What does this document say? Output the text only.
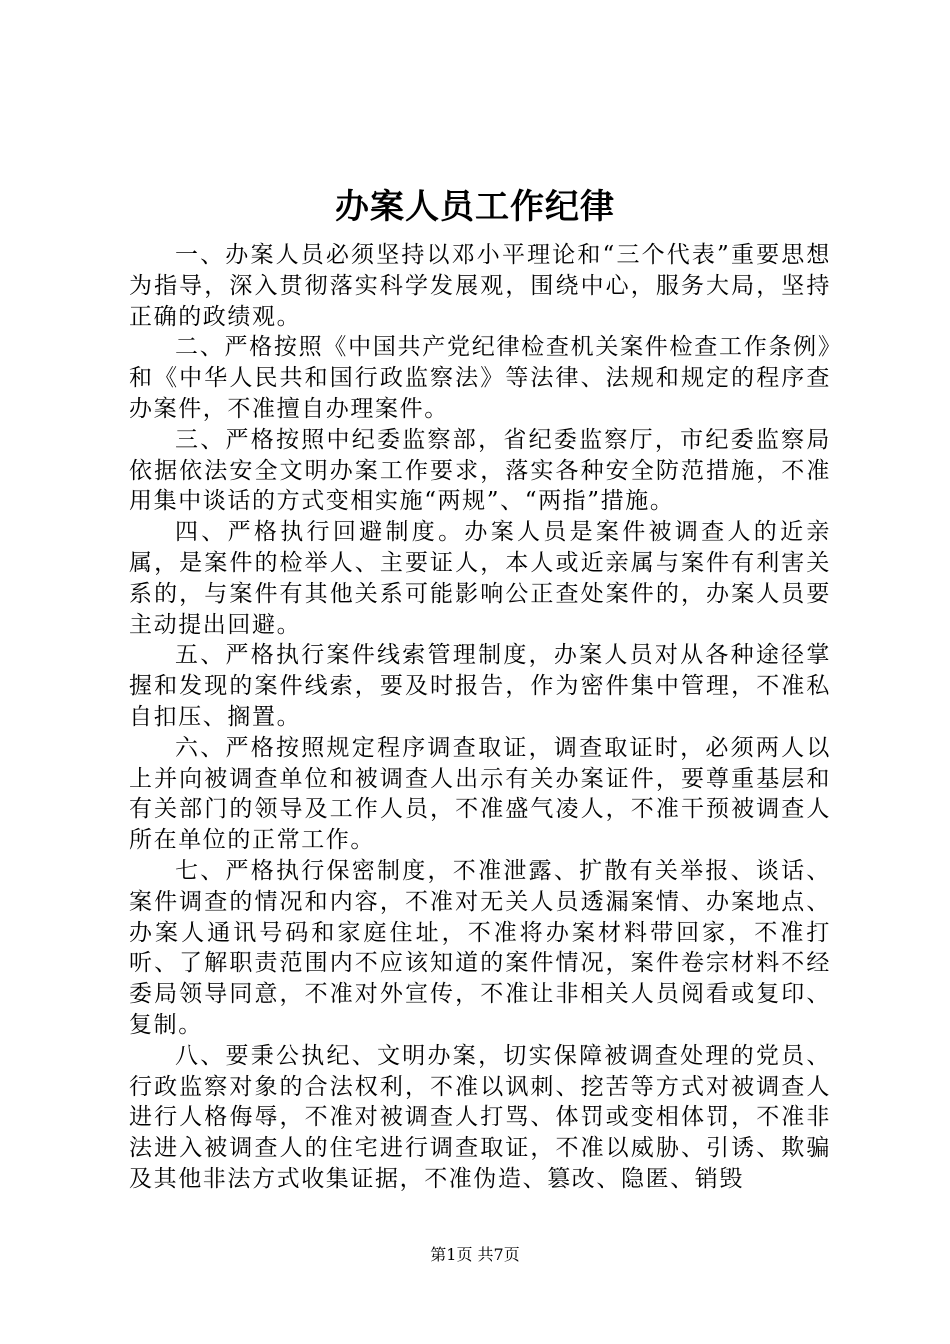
办案人员工作纪律

一、办案人员必须坚持以邓小平理论和“三个代表”重要思想为指导，深入贯彻落实科学发展观，围绕中心，服务大局，坚持正确的政绩观。

二、严格按照《中国共产党纪律检查机关案件检查工作条例》和《中华人民共和国行政监察法》等法律、法规和规定的程序查办案件，不准擅自办理案件。

三、严格按照中纪委监察部，省纪委监察厅，市纪委监察局依据依法安全文明办案工作要求，落实各种安全防范措施，不准用集中谈话的方式变相实施“两规”、“两指”措施。

四、严格执行回避制度。办案人员是案件被调查人的近亲属，是案件的检举人、主要证人，本人或近亲属与案件有利害关系的，与案件有其他关系可能影响公正查处案件的，办案人员要主动提出回避。

五、严格执行案件线索管理制度，办案人员对从各种途径掌握和发现的案件线索，要及时报告，作为密件集中管理，不准私自扣压、搁置。

六、严格按照规定程序调查取证，调查取证时，必须两人以上并向被调查单位和被调查人出示有关办案证件，要尊重基层和有关部门的领导及工作人员，不准盛气凌人，不准干预被调查人所在单位的正常工作。

七、严格执行保密制度，不准泄露、扩散有关举报、谈话、案件调查的情况和内容，不准对无关人员透漏案情、办案地点、办案人通讯号码和家庭住址，不准将办案材料带回家，不准打听、了解职责范围内不应该知道的案件情况，案件卷宗材料不经委局领导同意，不准对外宣传，不准让非相关人员阅看或复印、复制。

八、要秉公执纪、文明办案，切实保障被调查处理的党员、行政监察对象的合法权利，不准以讽刺、挖苦等方式对被调查人进行人格侮辱，不准对被调查人打骂、体罚或变相体罚，不准非法进入被调查人的住宅进行调查取证，不准以威胁、引诱、欺骗及其他非法方式收集证据，不准伪造、篡改、隐匿、销毁

第1页 共7页
